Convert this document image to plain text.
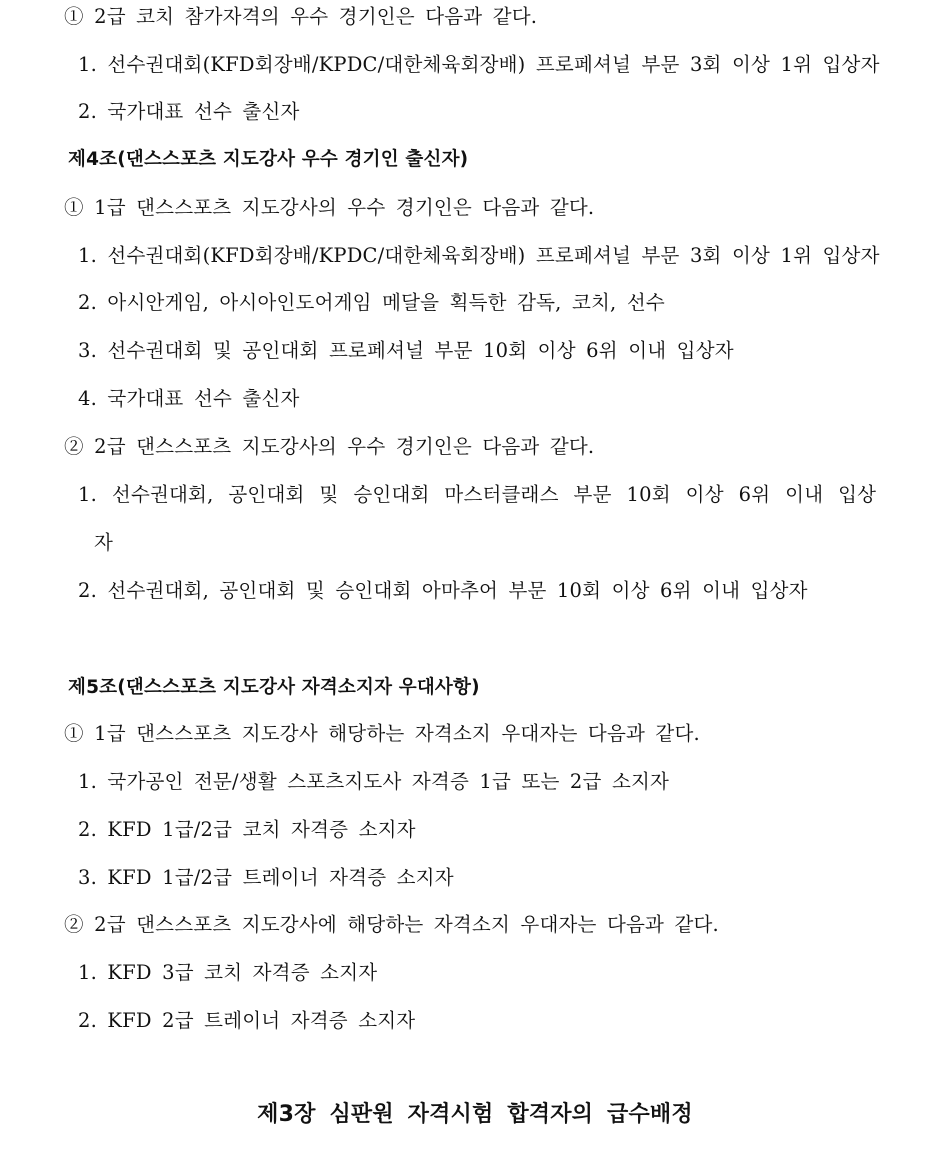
① 2급 코치 참가자격의 우수 경기인은 다음과 같다.
1. 선수권대회(KFD회장배/KPDC/대한체육회장배) 프로페셔널 부문 3회 이상 1위 입상자
2. 국가대표 선수 출신자
제4조(댄스스포츠 지도강사 우수 경기인 출신자)
① 1급 댄스스포츠 지도강사의 우수 경기인은 다음과 같다.
1. 선수권대회(KFD회장배/KPDC/대한체육회장배) 프로페셔널 부문 3회 이상 1위 입상자
2. 아시안게임, 아시아인도어게임 메달을 획득한 감독, 코치, 선수
3. 선수권대회 및 공인대회 프로페셔널 부문 10회 이상 6위 이내 입상자
4. 국가대표 선수 출신자
② 2급 댄스스포츠 지도강사의 우수 경기인은 다음과 같다.
1. 선수권대회, 공인대회 및 승인대회 마스터클래스 부문 10회 이상 6위 이내 입상
자
2. 선수권대회, 공인대회 및 승인대회 아마추어 부문 10회 이상 6위 이내 입상자
제5조(댄스스포츠 지도강사 자격소지자 우대사항)
① 1급 댄스스포츠 지도강사 해당하는 자격소지 우대자는 다음과 같다.
1. 국가공인 전문/생활 스포츠지도사 자격증 1급 또는 2급 소지자
2. KFD 1급/2급 코치 자격증 소지자
3. KFD 1급/2급 트레이너 자격증 소지자
② 2급 댄스스포츠 지도강사에 해당하는 자격소지 우대자는 다음과 같다.
1. KFD 3급 코치 자격증 소지자
2. KFD 2급 트레이너 자격증 소지자
제3장 심판원 자격시험 합격자의 급수배정
